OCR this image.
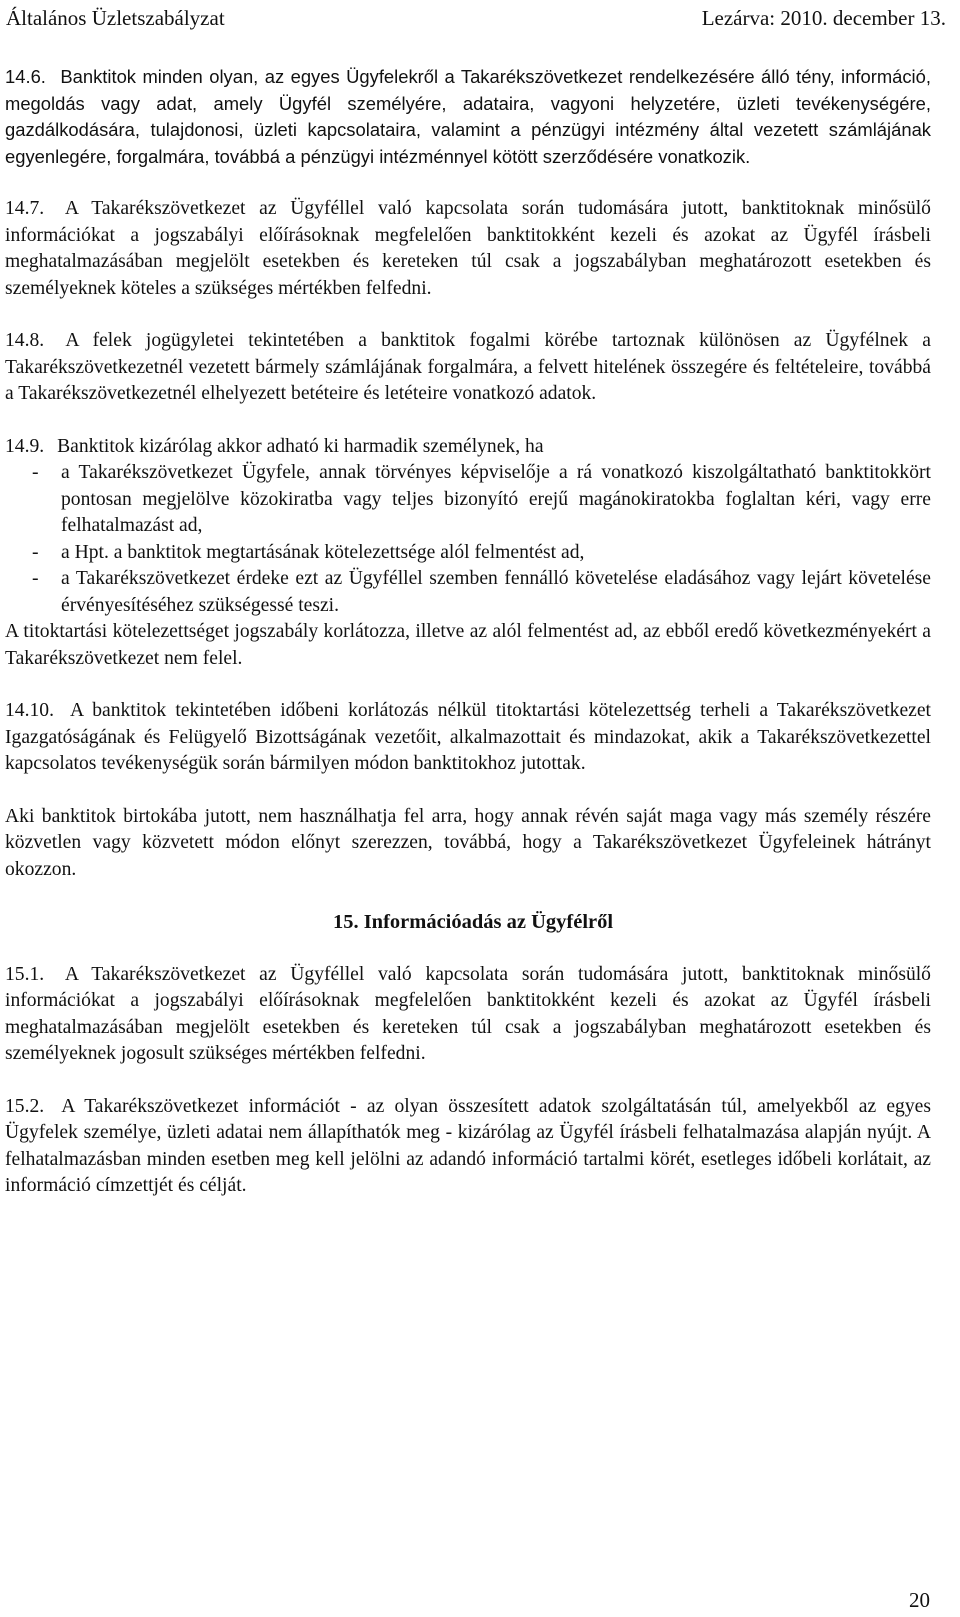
Általános Üzletszabályzat	Lezárva: 2010. december 13.

14.6. Banktitok minden olyan, az egyes Ügyfelekről a Takarékszövetkezet rendelkezésére álló tény, információ, megoldás vagy adat, amely Ügyfél személyére, adataira, vagyoni helyzetére, üzleti tevékenységére, gazdálkodására, tulajdonosi, üzleti kapcsolataira, valamint a pénzügyi intézmény által vezetett számlájának egyenlegére, forgalmára, továbbá a pénzügyi intézménnyel kötött szerződésére vonatkozik.

14.7. A Takarékszövetkezet az Ügyféllel való kapcsolata során tudomására jutott, banktitoknak minősülő információkat a jogszabályi előírásoknak megfelelően banktitokként kezeli és azokat az Ügyfél írásbeli meghatalmazásában megjelölt esetekben és kereteken túl csak a jogszabályban meghatározott esetekben és személyeknek köteles a szükséges mértékben felfedni.

14.8. A felek jogügyletei tekintetében a banktitok fogalmi körébe tartoznak különösen az Ügyfélnek a Takarékszövetkezetnél vezetett bármely számlájának forgalmára, a felvett hitelének összegére és feltételeire, továbbá a Takarékszövetkezetnél elhelyezett betéteire és letéteire vonatkozó adatok.

14.9. Banktitok kizárólag akkor adható ki harmadik személynek, ha
-	a Takarékszövetkezet Ügyfele, annak törvényes képviselője a rá vonatkozó kiszolgáltatható banktitokkört pontosan megjelölve közokiratba vagy teljes bizonyító erejű magánokiratokba foglaltan kéri, vagy erre felhatalmazást ad,
-	a Hpt. a banktitok megtartásának kötelezettsége alól felmentést ad,
-	a Takarékszövetkezet érdeke ezt az Ügyféllel szemben fennálló követelése eladásához vagy lejárt követelése érvényesítéséhez szükségessé teszi.
A titoktartási kötelezettséget jogszabály korlátozza, illetve az alól felmentést ad, az ebből eredő következményekért a Takarékszövetkezet nem felel.

14.10. A banktitok tekintetében időbeni korlátozás nélkül titoktartási kötelezettség terheli a Takarékszövetkezet Igazgatóságának és Felügyelő Bizottságának vezetőit, alkalmazottait és mindazokat, akik a Takarékszövetkezettel kapcsolatos tevékenységük során bármilyen módon banktitokhoz jutottak.

Aki banktitok birtokába jutott, nem használhatja fel arra, hogy annak révén saját maga vagy más személy részére közvetlen vagy közvetett módon előnyt szerezzen, továbbá, hogy a Takarékszövetkezet Ügyfeleinek hátrányt okozzon.

15. Információadás az Ügyfélről

15.1. A Takarékszövetkezet az Ügyféllel való kapcsolata során tudomására jutott, banktitoknak minősülő információkat a jogszabályi előírásoknak megfelelően banktitokként kezeli és azokat az Ügyfél írásbeli meghatalmazásában megjelölt esetekben és kereteken túl csak a jogszabályban meghatározott esetekben és személyeknek jogosult szükséges mértékben felfedni.

15.2. A Takarékszövetkezet információt - az olyan összesített adatok szolgáltatásán túl, amelyekből az egyes Ügyfelek személye, üzleti adatai nem állapíthatók meg - kizárólag az Ügyfél írásbeli felhatalmazása alapján nyújt. A felhatalmazásban minden esetben meg kell jelölni az adandó információ tartalmi körét, esetleges időbeli korlátait, az információ címzettjét és célját.

20
